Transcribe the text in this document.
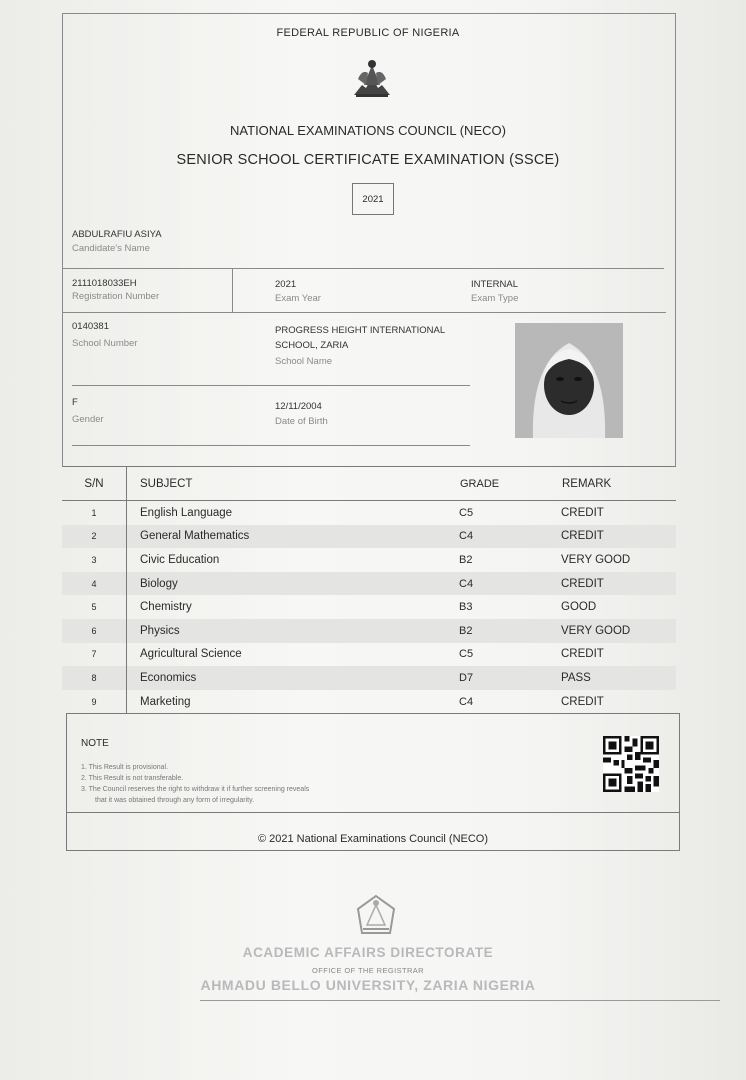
FEDERAL REPUBLIC OF NIGERIA
NATIONAL EXAMINATIONS COUNCIL (NECO)
SENIOR SCHOOL CERTIFICATE EXAMINATION (SSCE)
2021
ABDULRAFIU ASIYA
Candidate's Name
2111018033EH
Registration Number
2021
Exam Year
INTERNAL
Exam Type
0140381
School Number
PROGRESS HEIGHT INTERNATIONAL
SCHOOL, ZARIA
School Name
F
Gender
12/11/2004
Date of Birth
S/N	SUBJECT	GRADE	REMARK
1	English Language	C5	CREDIT
2	General Mathematics	C4	CREDIT
3	Civic Education	B2	VERY GOOD
4	Biology	C4	CREDIT
5	Chemistry	B3	GOOD
6	Physics	B2	VERY GOOD
7	Agricultural Science	C5	CREDIT
8	Economics	D7	PASS
9	Marketing	C4	CREDIT
NOTE
1. This Result is provisional.
2. This Result is not transferable.
3. The Council reserves the right to withdraw it if further screening reveals
that it was obtained through any form of irregularity.
© 2021 National Examinations Council (NECO)
ACADEMIC AFFAIRS DIRECTORATE
OFFICE OF THE REGISTRAR
AHMADU BELLO UNIVERSITY, ZARIA NIGERIA
